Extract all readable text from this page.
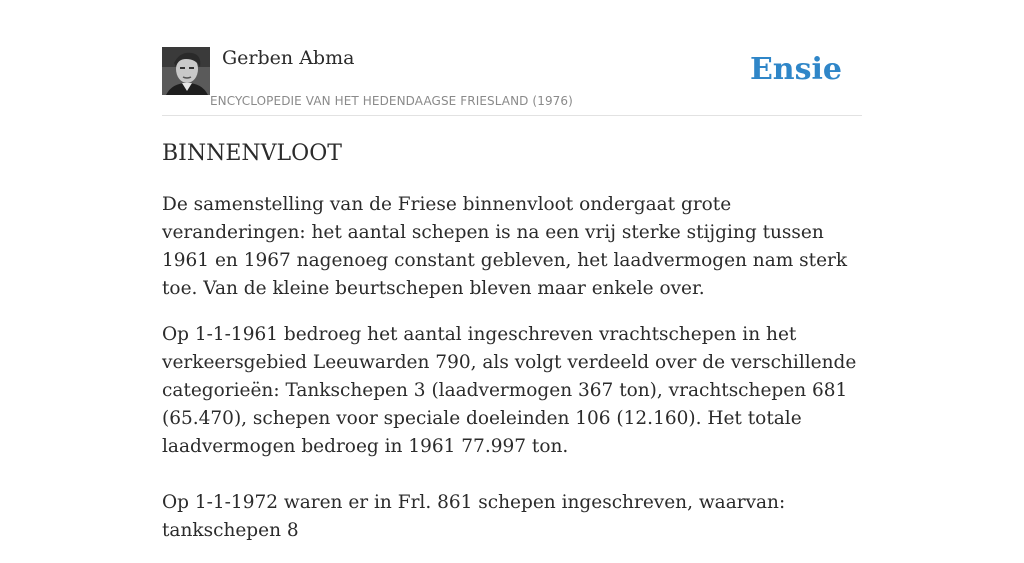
Gerben Abma
ENCYCLOPEDIE VAN HET HEDENDAAGSE FRIESLAND (1976)
Ensie
BINNENVLOOT

De samenstelling van de Friese binnenvloot ondergaat grote veranderingen: het aantal schepen is na een vrij sterke stijging tussen 1961 en 1967 nagenoeg constant gebleven, het laadvermogen nam sterk toe. Van de kleine beurtschepen bleven maar enkele over.

Op 1-1-1961 bedroeg het aantal ingeschreven vrachtschepen in het verkeersgebied Leeuwarden 790, als volgt verdeeld over de verschillende categorieën: Tankschepen 3 (laadvermogen 367 ton), vrachtschepen 681 (65.470), schepen voor speciale doeleinden 106 (12.160). Het totale laadvermogen bedroeg in 1961 77.997 ton.

Op 1-1-1972 waren er in Frl. 861 schepen ingeschreven, waarvan: tankschepen 8
